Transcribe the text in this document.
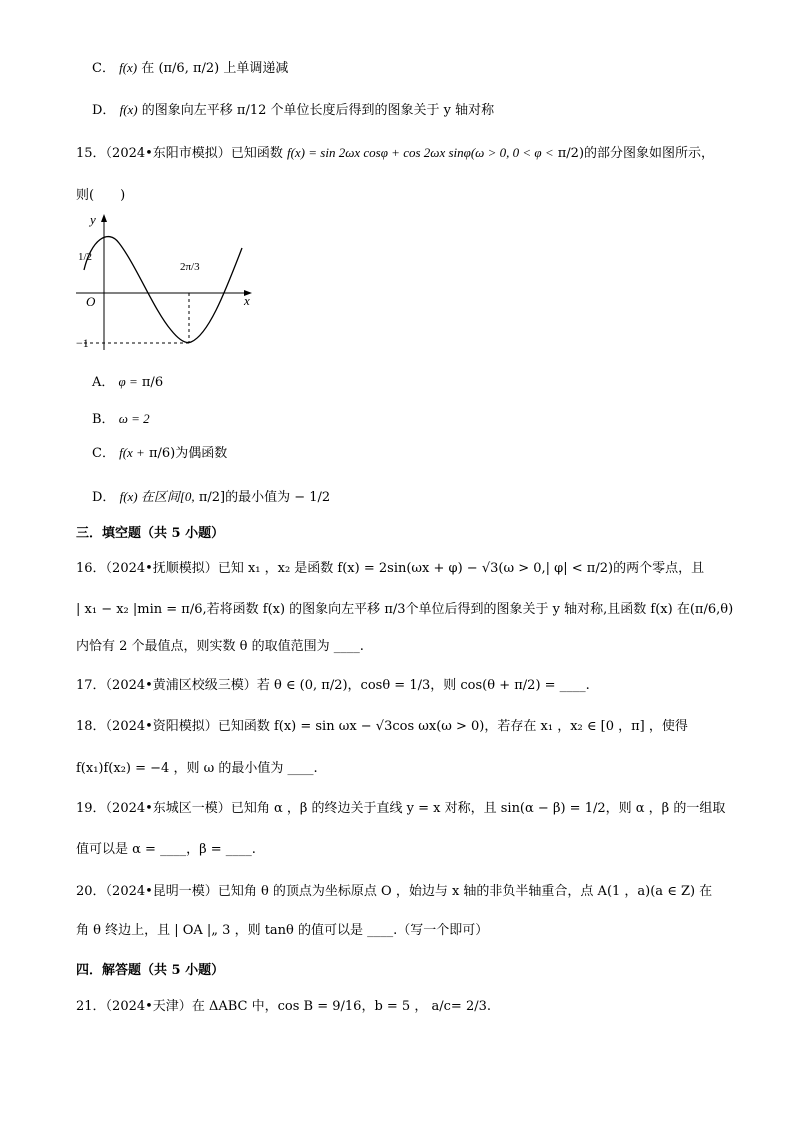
C． f(x) 在 (π/6, π/2) 上单调递减
D． f(x) 的图象向左平移 π/12 个单位长度后得到的图象关于 y 轴对称
15．（2024•东阳市模拟）已知函数 f(x) = sin 2ωx cosφ + cos 2ωx sinφ(ω > 0, 0 < φ < π/2)的部分图象如图所示，
则(　　)
y
x
O
1/2
2π/3
−1
A． φ = π/6
B． ω = 2
C． f(x + π/6)为偶函数
D． f(x) 在区间[0, π/2]的最小值为 − 1/2
三．填空题（共 5 小题）
16．（2024•抚顺模拟）已知 x₁ ，x₂ 是函数 f(x) = 2sin(ωx + φ) − √3(ω > 0,| φ| < π/2)的两个零点，且
| x₁ − x₂ |min = π/6,若将函数 f(x) 的图象向左平移 π/3个单位后得到的图象关于 y 轴对称,且函数 f(x) 在(π/6,θ)
内恰有 2 个最值点，则实数 θ 的取值范围为 ____.
17．（2024•黄浦区校级三模）若 θ ∈ (0, π/2)，cosθ = 1/3，则 cos(θ + π/2) = ____.
18．（2024•资阳模拟）已知函数 f(x) = sin ωx − √3cos ωx(ω > 0)，若存在 x₁ ，x₂ ∈ [0 ，π] ，使得
f(x₁)f(x₂) = −4 ，则 ω 的最小值为 ____.
19．（2024•东城区一模）已知角 α ，β 的终边关于直线 y = x 对称，且 sin(α − β) = 1/2，则 α ，β 的一组取
值可以是 α = ____，β = ____.
20．（2024•昆明一模）已知角 θ 的顶点为坐标原点 O ，始边与 x 轴的非负半轴重合，点 A(1 ，a)(a ∈ Z) 在
角 θ 终边上，且 | OA |„ 3 ，则 tanθ 的值可以是 ____.（写一个即可）
四．解答题（共 5 小题）
21．（2024•天津）在 ΔABC 中，cos B = 9/16，b = 5 ， a/c= 2/3.
